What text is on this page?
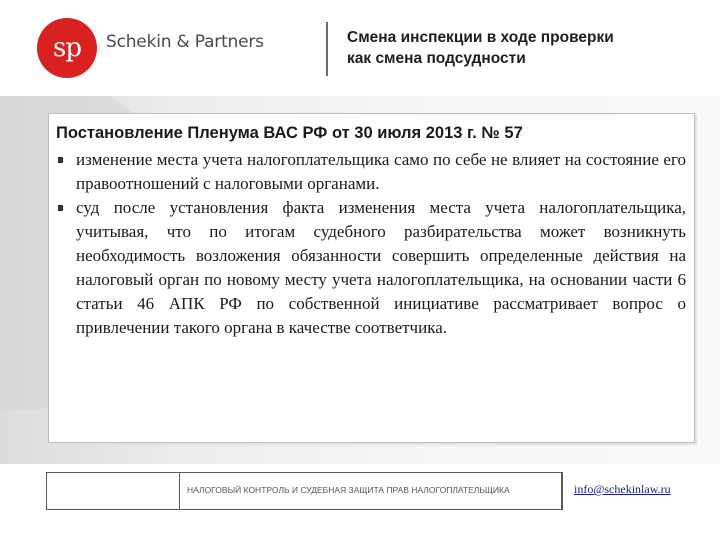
sp Schekin & Partners	Смена инспекции в ходе проверки
как смена подсудности
Постановление Пленума ВАС РФ от 30 июля 2013 г. № 57
изменение места учета налогоплательщика само по себе не влияет на состояние его правоотношений с налоговыми органами.
суд после установления факта изменения места учета налогоплательщика, учитывая, что по итогам судебного разбирательства может возникнуть необходимость возложения обязанности совершить определенные действия на налоговый орган по новому месту учета налогоплательщика, на основании части 6 статьи 46 АПК РФ по собственной инициативе рассматривает вопрос о привлечении такого органа в качестве соответчика.
НАЛОГОВЫЙ КОНТРОЛЬ И СУДЕБНАЯ ЗАЩИТА ПРАВ НАЛОГОПЛАТЕЛЬЩИКА	info@schekinlaw.ru
